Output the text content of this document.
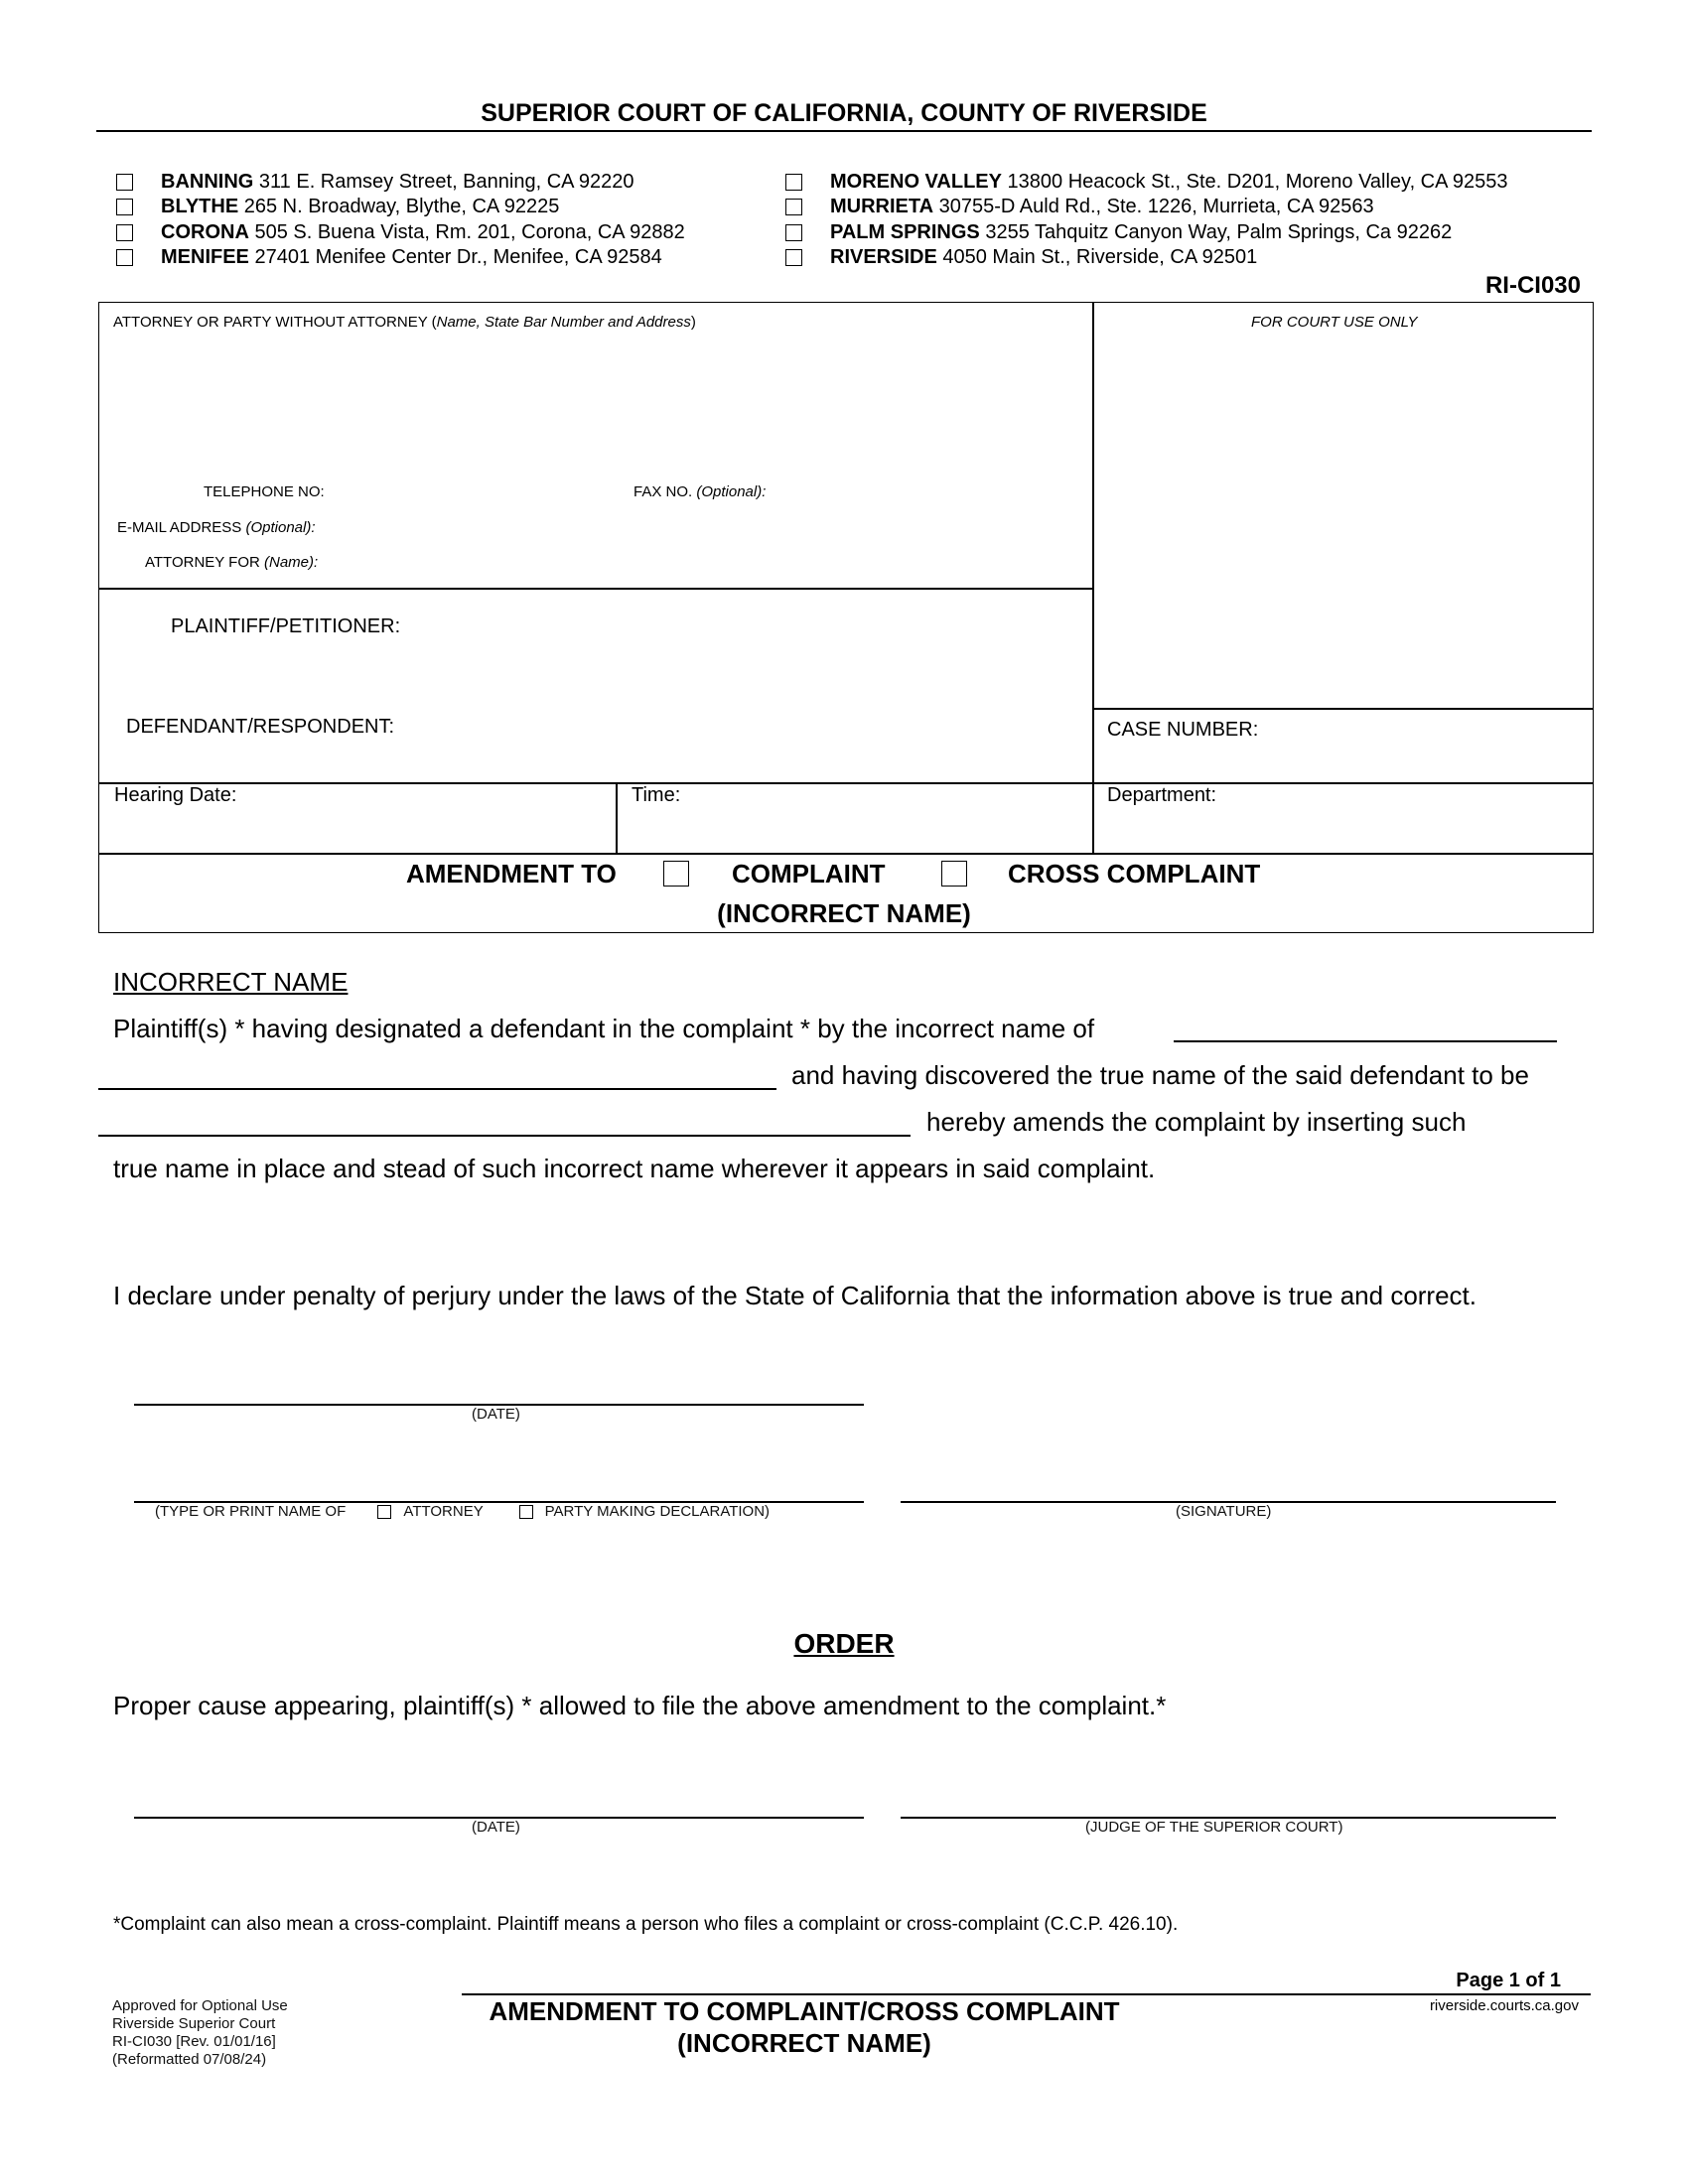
SUPERIOR COURT OF CALIFORNIA, COUNTY OF RIVERSIDE
BANNING 311 E. Ramsey Street, Banning, CA 92220
BLYTHE 265 N. Broadway, Blythe, CA 92225
CORONA 505 S. Buena Vista, Rm. 201, Corona, CA 92882
MENIFEE 27401 Menifee Center Dr., Menifee, CA 92584
MORENO VALLEY 13800 Heacock St., Ste. D201, Moreno Valley, CA 92553
MURRIETA 30755-D Auld Rd., Ste. 1226, Murrieta, CA 92563
PALM SPRINGS 3255 Tahquitz Canyon Way, Palm Springs, Ca 92262
RIVERSIDE 4050 Main St., Riverside, CA 92501
RI-CI030
ATTORNEY OR PARTY WITHOUT ATTORNEY (Name, State Bar Number and Address)	FOR COURT USE ONLY
TELEPHONE NO:	FAX NO. (Optional):
E-MAIL ADDRESS (Optional):
ATTORNEY FOR (Name):
PLAINTIFF/PETITIONER:
DEFENDANT/RESPONDENT:	CASE NUMBER:
Hearing Date:	Time:	Department:
AMENDMENT TO	COMPLAINT	CROSS COMPLAINT
(INCORRECT NAME)
INCORRECT NAME
Plaintiff(s) * having designated a defendant in the complaint * by the incorrect name of
and having discovered the true name of the said defendant to be
hereby amends the complaint by inserting such
true name in place and stead of such incorrect name wherever it appears in said complaint.
I declare under penalty of perjury under the laws of the State of California that the information above is true and correct.
(DATE)
(TYPE OR PRINT NAME OF	ATTORNEY	PARTY MAKING DECLARATION)	(SIGNATURE)
ORDER
Proper cause appearing, plaintiff(s) * allowed to file the above amendment to the complaint.*
(DATE)	(JUDGE OF THE SUPERIOR COURT)
*Complaint can also mean a cross-complaint. Plaintiff means a person who files a complaint or cross-complaint (C.C.P. 426.10).
Page 1 of 1
Approved for Optional Use
Riverside Superior Court
RI-CI030 [Rev. 01/01/16]
(Reformatted 07/08/24)
AMENDMENT TO COMPLAINT/CROSS COMPLAINT
(INCORRECT NAME)
riverside.courts.ca.gov
